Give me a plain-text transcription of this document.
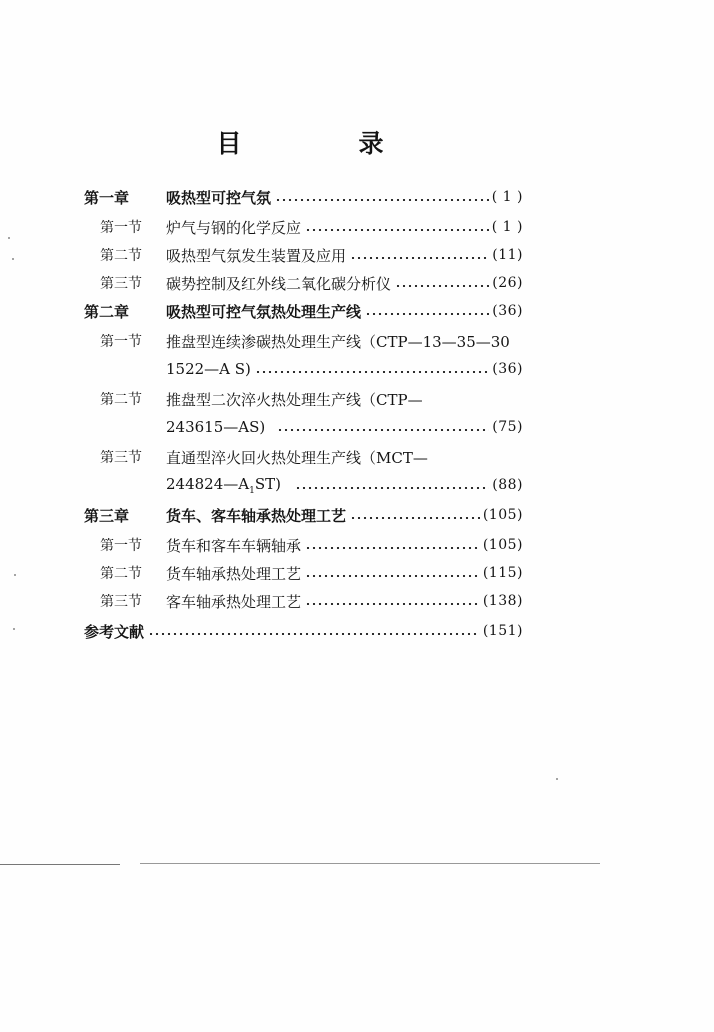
目　录
第一章	吸热型可控气氛	( 1 )
第一节	炉气与钢的化学反应	( 1 )
第二节	吸热型气氛发生装置及应用	(11)
第三节	碳势控制及红外线二氧化碳分析仪	(26)
第二章	吸热型可控气氛热处理生产线	(36)
第一节	推盘型连续渗碳热处理生产线（CTP—13—35—30
1522—A S)	(36)
第二节	推盘型二次淬火热处理生产线（CTP—
243615—AS)	(75)
第三节	直通型淬火回火热处理生产线（MCT—
$244824—A_1ST$)	(88)
第三章	货车、客车轴承热处理工艺	(105)
第一节	货车和客车车辆轴承	(105)
第二节	货车轴承热处理工艺	(115)
第三节	客车轴承热处理工艺	(138)
参考文献	(151)
